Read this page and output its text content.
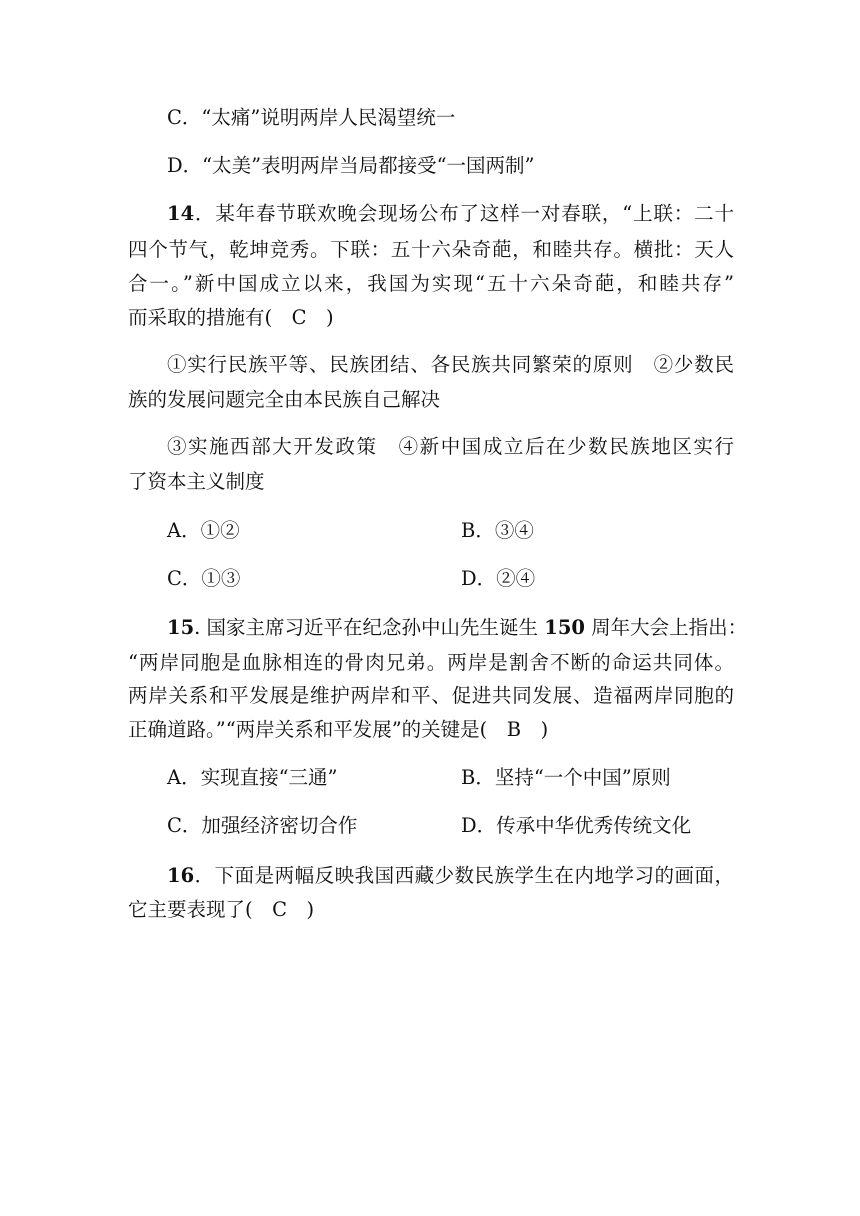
C．“太痛”说明两岸人民渴望统一
D．“太美”表明两岸当局都接受“一国两制”
14．某年春节联欢晚会现场公布了这样一对春联，“上联：二十
四个节气，乾坤竞秀。下联：五十六朵奇葩，和睦共存。横批：天人
合一。”新中国成立以来，我国为实现“五十六朵奇葩，和睦共存”
而采取的措施有(　C　)
①实行民族平等、民族团结、各民族共同繁荣的原则　②少数民
族的发展问题完全由本民族自己解决
③实施西部大开发政策　④新中国成立后在少数民族地区实行
了资本主义制度
A．①②	B．③④
C．①③	D．②④
15. 国家主席习近平在纪念孙中山先生诞生 150 周年大会上指出：
“两岸同胞是血脉相连的骨肉兄弟。两岸是割舍不断的命运共同体。
两岸关系和平发展是维护两岸和平、促进共同发展、造福两岸同胞的
正确道路。”“两岸关系和平发展”的关键是(　B　)
A．实现直接“三通”	B．坚持“一个中国”原则
C．加强经济密切合作	D．传承中华优秀传统文化
16．下面是两幅反映我国西藏少数民族学生在内地学习的画面，
它主要表现了(　C　)
